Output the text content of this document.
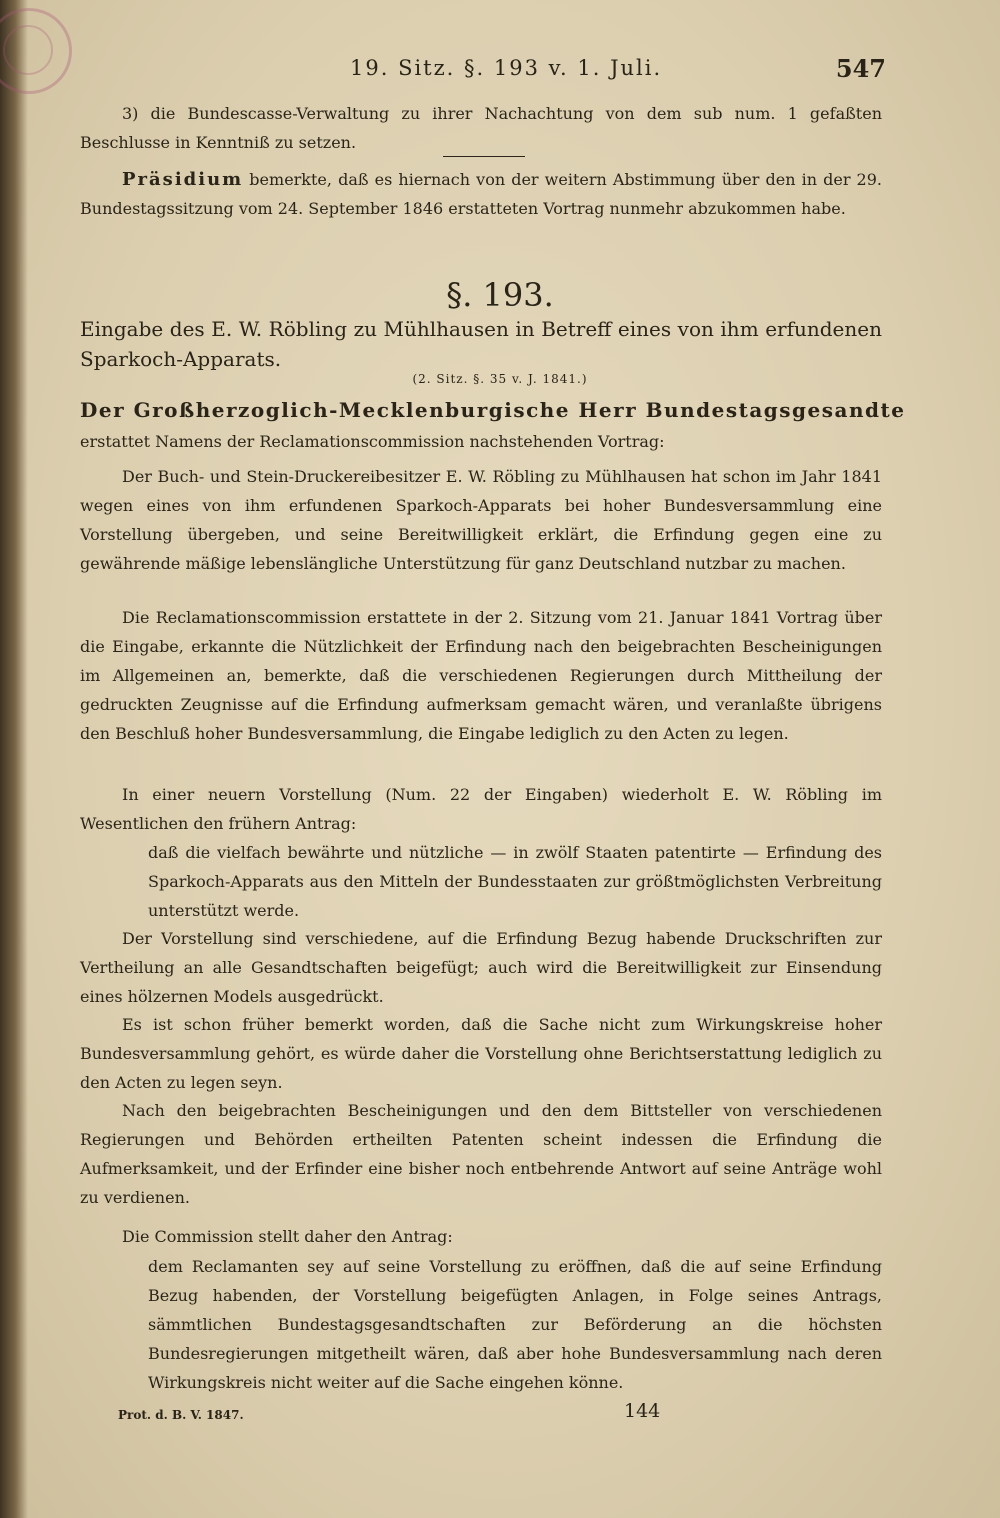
19. Sitz. §. 193 v. 1. Juli.	547

3) die Bundescasse-Verwaltung zu ihrer Nachachtung von dem sub num. 1 gefaßten Beschlusse in Kenntniß zu setzen.

Präsidium bemerkte, daß es hiernach von der weitern Abstimmung über den in der 29. Bundestagssitzung vom 24. September 1846 erstatteten Vortrag nunmehr abzukommen habe.

§. 193.

Eingabe des E. W. Röbling zu Mühlhausen in Betreff eines von ihm erfundenen Sparkoch-Apparats.

(2. Sitz. §. 35 v. J. 1841.)

Der Großherzoglich-Mecklenburgische Herr Bundestagsgesandte

erstattet Namens der Reclamationscommission nachstehenden Vortrag:

Der Buch- und Stein-Druckereibesitzer E. W. Röbling zu Mühlhausen hat schon im Jahr 1841 wegen eines von ihm erfundenen Sparkoch-Apparats bei hoher Bundesversammlung eine Vorstellung übergeben, und seine Bereitwilligkeit erklärt, die Erfindung gegen eine zu gewährende mäßige lebenslängliche Unterstützung für ganz Deutschland nutzbar zu machen.

Die Reclamationscommission erstattete in der 2. Sitzung vom 21. Januar 1841 Vortrag über die Eingabe, erkannte die Nützlichkeit der Erfindung nach den beigebrachten Bescheinigungen im Allgemeinen an, bemerkte, daß die verschiedenen Regierungen durch Mittheilung der gedruckten Zeugnisse auf die Erfindung aufmerksam gemacht wären, und veranlaßte übrigens den Beschluß hoher Bundesversammlung, die Eingabe lediglich zu den Acten zu legen.

In einer neuern Vorstellung (Num. 22 der Eingaben) wiederholt E. W. Röbling im Wesentlichen den frühern Antrag:

daß die vielfach bewährte und nützliche — in zwölf Staaten patentirte — Erfindung des Sparkoch-Apparats aus den Mitteln der Bundesstaaten zur größtmöglichsten Verbreitung unterstützt werde.

Der Vorstellung sind verschiedene, auf die Erfindung Bezug habende Druckschriften zur Vertheilung an alle Gesandtschaften beigefügt; auch wird die Bereitwilligkeit zur Einsendung eines hölzernen Models ausgedrückt.

Es ist schon früher bemerkt worden, daß die Sache nicht zum Wirkungskreise hoher Bundesversammlung gehört, es würde daher die Vorstellung ohne Berichtserstattung lediglich zu den Acten zu legen seyn.

Nach den beigebrachten Bescheinigungen und den dem Bittsteller von verschiedenen Regierungen und Behörden ertheilten Patenten scheint indessen die Erfindung die Aufmerksamkeit, und der Erfinder eine bisher noch entbehrende Antwort auf seine Anträge wohl zu verdienen.

Die Commission stellt daher den Antrag:

dem Reclamanten sey auf seine Vorstellung zu eröffnen, daß die auf seine Erfindung Bezug habenden, der Vorstellung beigefügten Anlagen, in Folge seines Antrags, sämmtlichen Bundestagsgesandtschaften zur Beförderung an die höchsten Bundesregierungen mitgetheilt wären, daß aber hohe Bundesversammlung nach deren Wirkungskreis nicht weiter auf die Sache eingehen könne.

Prot. d. B. V. 1847.	144
